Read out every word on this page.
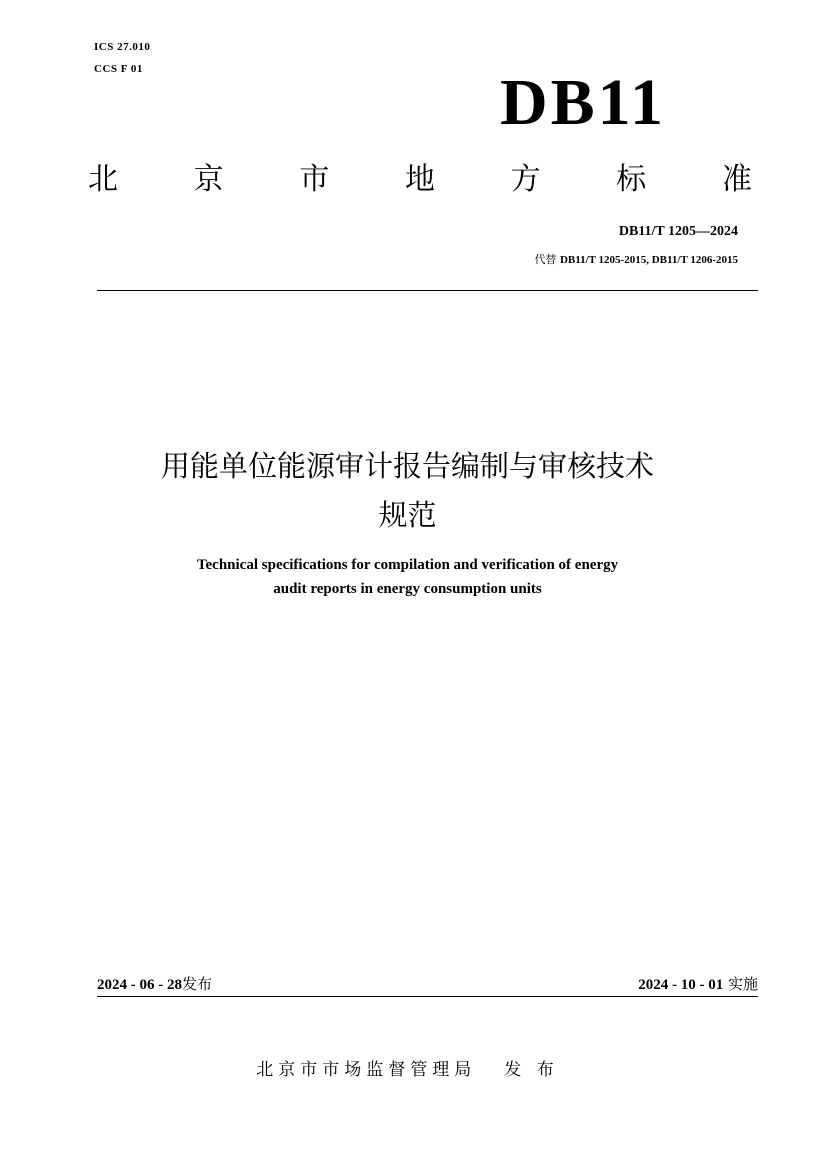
ICS 27.010
CCS F 01	DB11
北	京	市	地	方	标	准
DB11/T 1205—2024
代替 DB11/T 1205-2015, DB11/T 1206-2015
用能单位能源审计报告编制与审核技术
规范
Technical specifications for compilation and verification of energy
audit reports in energy consumption units
2024 - 06 - 28发布	2024 - 10 - 01 实施
北京市市场监督管理局 发 布
